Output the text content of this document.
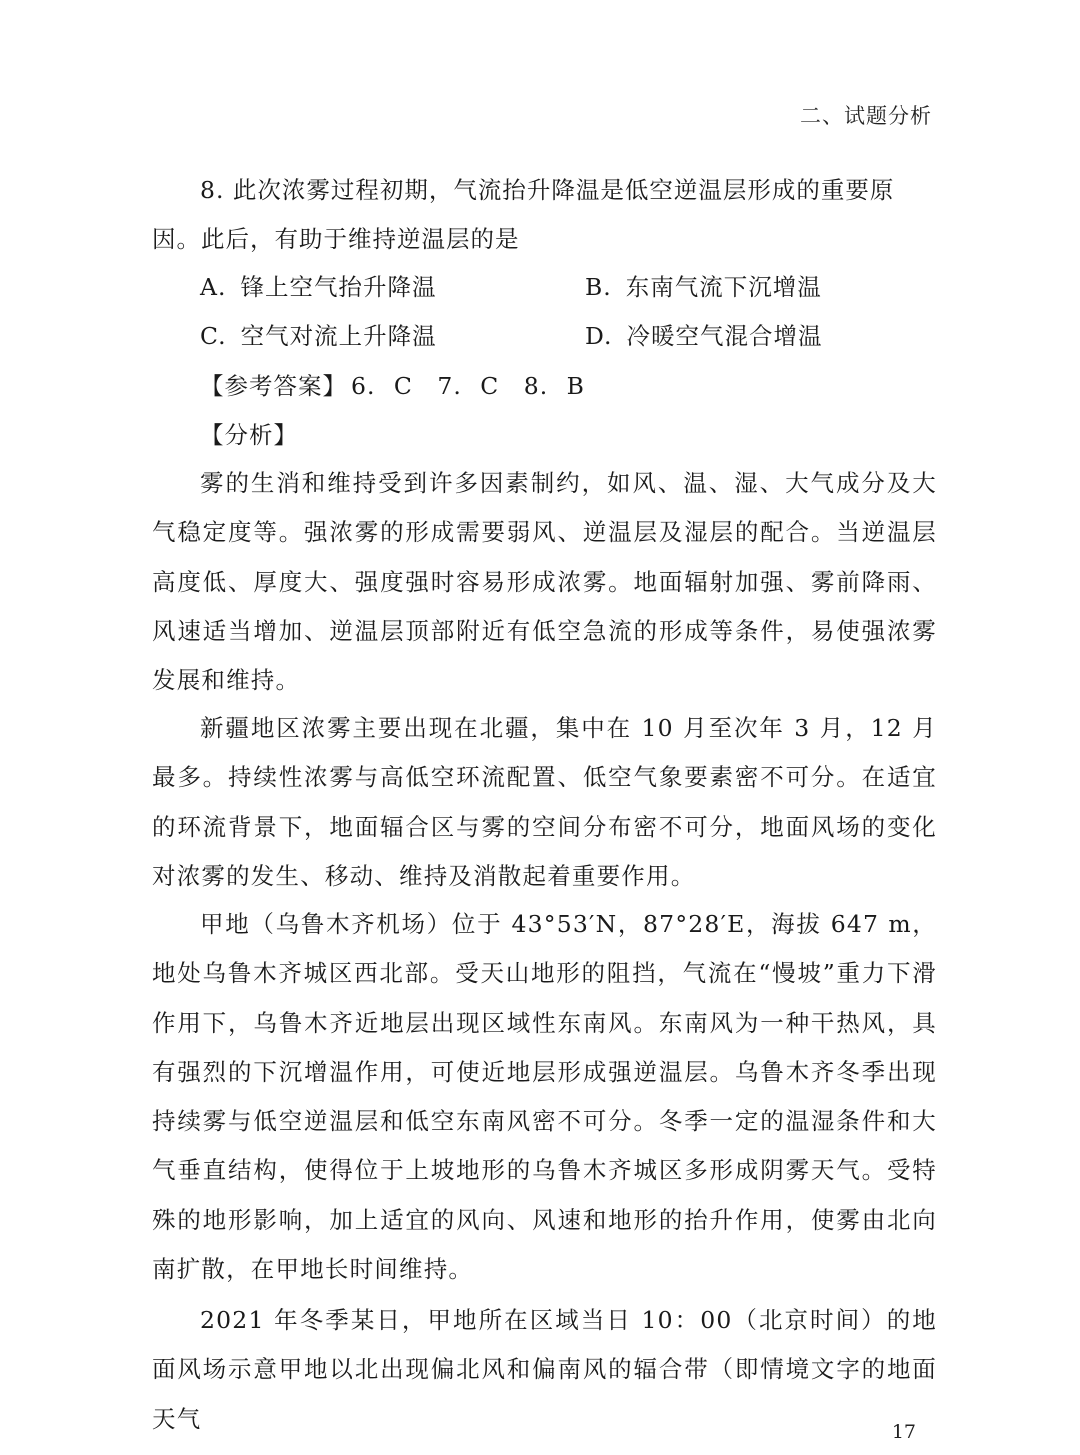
二、试题分析

8. 此次浓雾过程初期，气流抬升降温是低空逆温层形成的重要原因。此后，有助于维持逆温层的是

A. 锋上空气抬升降温	B. 东南气流下沉增温
C. 空气对流上升降温	D. 冷暖空气混合增温
【参考答案】 6. C　7. C　8. B
【分析】

雾的生消和维持受到许多因素制约，如风、温、湿、大气成分及大气稳定度等。强浓雾的形成需要弱风、逆温层及湿层的配合。当逆温层高度低、厚度大、强度强时容易形成浓雾。地面辐射加强、雾前降雨、风速适当增加、逆温层顶部附近有低空急流的形成等条件，易使强浓雾发展和维持。

新疆地区浓雾主要出现在北疆，集中在 10 月至次年 3 月，12 月最多。持续性浓雾与高低空环流配置、低空气象要素密不可分。在适宜的环流背景下，地面辐合区与雾的空间分布密不可分，地面风场的变化对浓雾的发生、移动、维持及消散起着重要作用。

甲地（乌鲁木齐机场）位于 43°53′N，87°28′E，海拔 647 m，地处乌鲁木齐城区西北部。受天山地形的阻挡，气流在“慢坡”重力下滑作用下，乌鲁木齐近地层出现区域性东南风。东南风为一种干热风，具有强烈的下沉增温作用，可使近地层形成强逆温层。乌鲁木齐冬季出现持续雾与低空逆温层和低空东南风密不可分。冬季一定的温湿条件和大气垂直结构，使得位于上坡地形的乌鲁木齐城区多形成阴雾天气。受特殊的地形影响，加上适宜的风向、风速和地形的抬升作用，使雾由北向南扩散，在甲地长时间维持。

2021 年冬季某日，甲地所在区域当日 10：00（北京时间）的地面风场示意甲地以北出现偏北风和偏南风的辐合带（即情境文字的地面天气	17
